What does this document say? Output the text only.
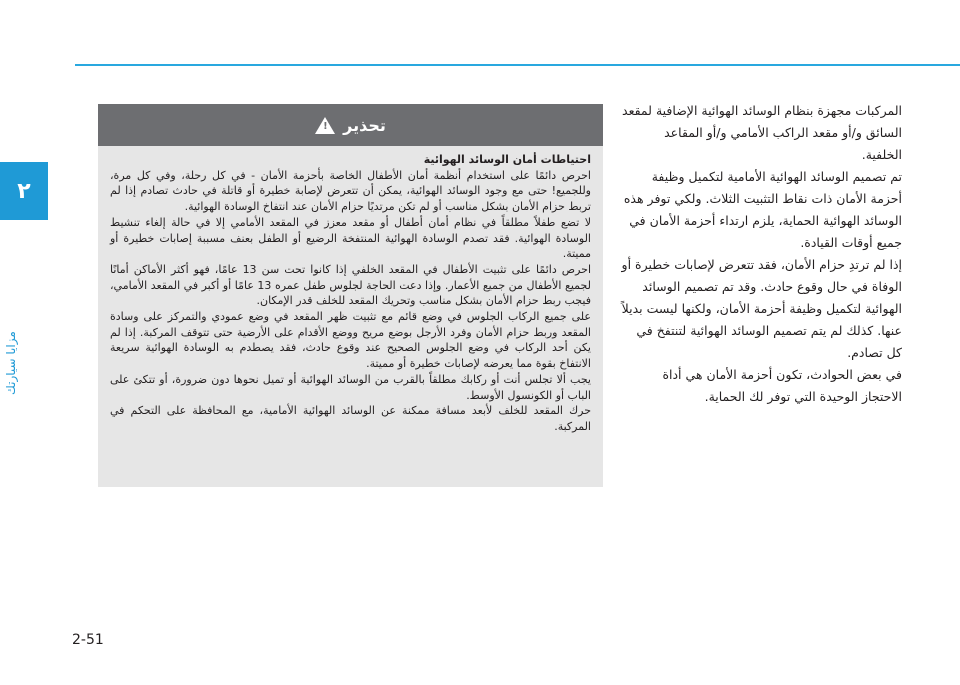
٢
مزايا سيارتك

المركبات مجهزة بنظام الوسائد الهوائية الإضافية لمقعد السائق و/أو مقعد الراكب الأمامي و/أو المقاعد الخلفية.

تم تصميم الوسائد الهوائية الأمامية لتكميل وظيفة أحزمة الأمان ذات نقاط التثبيت الثلاث. ولكي توفر هذه الوسائد الهوائية الحماية، يلزم ارتداء أحزمة الأمان في جميع أوقات القيادة.

إذا لم ترتدِ حزام الأمان، فقد تتعرض لإصابات خطيرة أو الوفاة في حال وقوع حادث. وقد تم تصميم الوسائد الهوائية لتكميل وظيفة أحزمة الأمان، ولكنها ليست بديلاً عنها. كذلك لم يتم تصميم الوسائد الهوائية لتنتفخ في كل تصادم.

في بعض الحوادث، تكون أحزمة الأمان هي أداة الاحتجاز الوحيدة التي توفر لك الحماية.

تحذير
!

احتياطات أمان الوسائد الهوائية

احرص دائمًا على استخدام أنظمة أمان الأطفال الخاصة بأحزمة الأمان - في كل رحلة، وفي كل مرة، وللجميع! حتى مع وجود الوسائد الهوائية، يمكن أن تتعرض لإصابة خطيرة أو قاتلة في حادث تصادم إذا لم تربط حزام الأمان بشكل مناسب أو لم تكن مرتديًا حزام الأمان عند انتفاخ الوسادة الهوائية.

لا تضع طفلاً مطلقاً في نظام أمان أطفال أو مقعد معزز في المقعد الأمامي إلا في حالة إلغاء تنشيط الوسادة الهوائية. فقد تصدم الوسادة الهوائية المنتفخة الرضيع أو الطفل بعنف مسببة إصابات خطيرة أو مميتة.

احرص دائمًا على تثبيت الأطفال في المقعد الخلفي إذا كانوا تحت سن 13 عامًا، فهو أكثر الأماكن أمانًا لجميع الأطفال من جميع الأعمار. وإذا دعت الحاجة لجلوس طفل عمره 13 عامًا أو أكبر في المقعد الأمامي، فيجب ربط حزام الأمان بشكل مناسب وتحريك المقعد للخلف قدر الإمكان.

على جميع الركاب الجلوس في وضع قائم مع تثبيت ظهر المقعد في وضع عمودي والتمركز على وسادة المقعد وربط حزام الأمان وفرد الأرجل بوضع مريح ووضع الأقدام على الأرضية حتى تتوقف المركبة. إذا لم يكن أحد الركاب في وضع الجلوس الصحيح عند وقوع حادث، فقد يصطدم به الوسادة الهوائية سريعة الانتفاخ بقوة مما يعرضه لإصابات خطيرة أو مميتة.

يجب ألا تجلس أنت أو ركابك مطلقاً بالقرب من الوسائد الهوائية أو تميل نحوها دون ضرورة، أو تتكئ على الباب أو الكونسول الأوسط.

حرك المقعد للخلف لأبعد مسافة ممكنة عن الوسائد الهوائية الأمامية، مع المحافظة على التحكم في المركبة.

2-51
